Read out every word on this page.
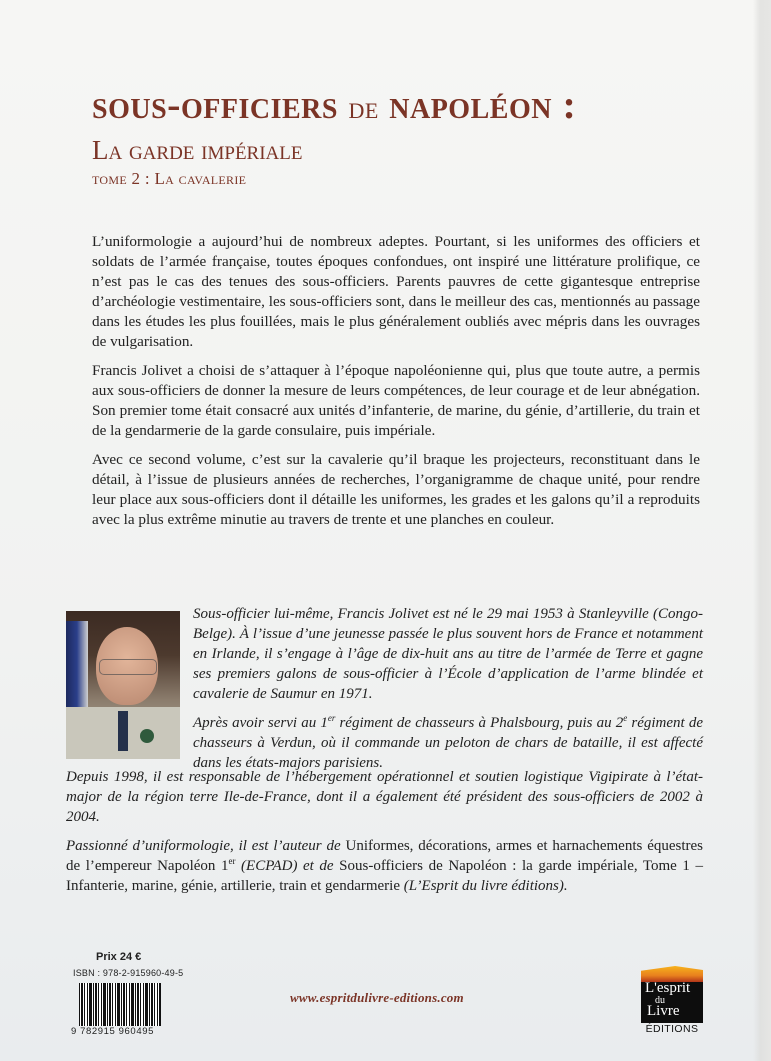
sous-officiers de napoléon :
La garde impériale
tome 2 : La cavalerie

L’uniformologie a aujourd’hui de nombreux adeptes. Pourtant, si les uniformes des officiers et soldats de l’armée française, toutes époques confondues, ont inspiré une littérature prolifique, ce n’est pas le cas des tenues des sous-officiers. Parents pauvres de cette gigantesque entreprise d’archéologie vestimentaire, les sous-officiers sont, dans le meilleur des cas, mentionnés au passage dans les études les plus fouillées, mais le plus généralement oubliés avec mépris dans les ouvrages de vulgarisation.

Francis Jolivet a choisi de s’attaquer à l’époque napoléonienne qui, plus que toute autre, a permis aux sous-officiers de donner la mesure de leurs compétences, de leur courage et de leur abnégation. Son premier tome était consacré aux unités d’infanterie, de marine, du génie, d’artillerie, du train et de la gendarmerie de la garde consulaire, puis impériale.

Avec ce second volume, c’est sur la cavalerie qu’il braque les projecteurs, reconstituant dans le détail, à l’issue de plusieurs années de recherches, l’organigramme de chaque unité, pour rendre leur place aux sous-officiers dont il détaille les uniformes, les grades et les galons qu’il a reproduits avec la plus extrême minutie au travers de trente et une planches en couleur.

Sous-officier lui-même, Francis Jolivet est né le 29 mai 1953 à Stanleyville (Congo-Belge). À l’issue d’une jeunesse passée le plus souvent hors de France et notamment en Irlande, il s’engage à l’âge de dix-huit ans au titre de l’armée de Terre et gagne ses premiers galons de sous-officier à l’École d’application de l’arme blindée et cavalerie de Saumur en 1971.

Après avoir servi au 1er régiment de chasseurs à Phalsbourg, puis au 2e régiment de chasseurs à Verdun, où il commande un peloton de chars de bataille, il est affecté dans les états-majors parisiens.

Depuis 1998, il est responsable de l’hébergement opérationnel et soutien logistique Vigipirate à l’état-major de la région terre Ile-de-France, dont il a également été président des sous-officiers de 2002 à 2004.

Passionné d’uniformologie, il est l’auteur de Uniformes, décorations, armes et harnachements équestres de l’empereur Napoléon 1er (ECPAD) et de Sous-officiers de Napoléon : la garde impériale, Tome 1 – Infanterie, marine, génie, artillerie, train et gendarmerie (L’Esprit du livre éditions).

Prix 24 €
ISBN : 978-2-915960-49-5
9 782915 960495
www.espritdulivre-editions.com
L'esprit
du
Livre
ÉDITIONS
